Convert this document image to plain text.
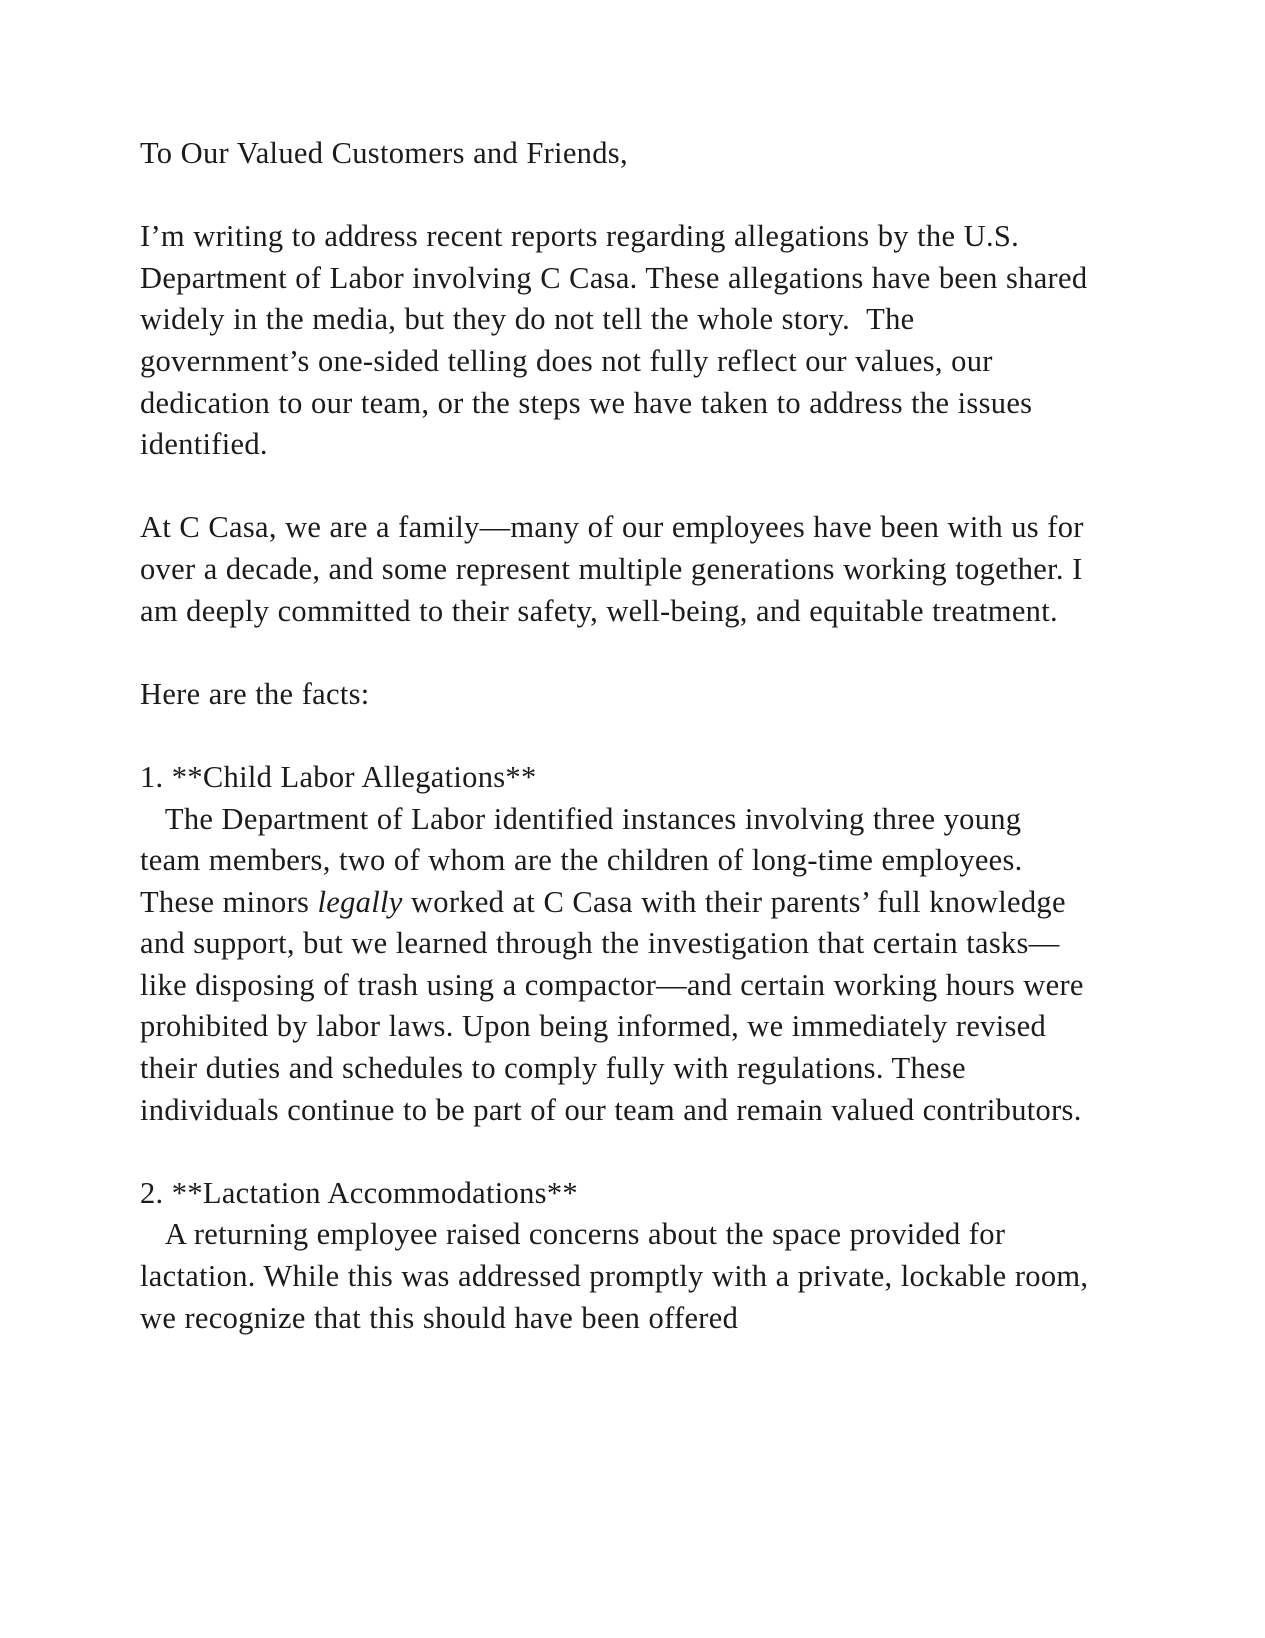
To Our Valued Customers and Friends,

I’m writing to address recent reports regarding allegations by the U.S. Department of Labor involving C Casa. These allegations have been shared widely in the media, but they do not tell the whole story.  The government’s one-sided telling does not fully reflect our values, our dedication to our team, or the steps we have taken to address the issues identified.

At C Casa, we are a family—many of our employees have been with us for over a decade, and some represent multiple generations working together. I am deeply committed to their safety, well-being, and equitable treatment.

Here are the facts:

1. **Child Labor Allegations**

The Department of Labor identified instances involving three young team members, two of whom are the children of long-time employees. These minors legally worked at C Casa with their parents’ full knowledge and support, but we learned through the investigation that certain tasks—like disposing of trash using a compactor—and certain working hours were prohibited by labor laws. Upon being informed, we immediately revised their duties and schedules to comply fully with regulations. These individuals continue to be part of our team and remain valued contributors.

2. **Lactation Accommodations**

A returning employee raised concerns about the space provided for lactation. While this was addressed promptly with a private, lockable room, we recognize that this should have been offered
